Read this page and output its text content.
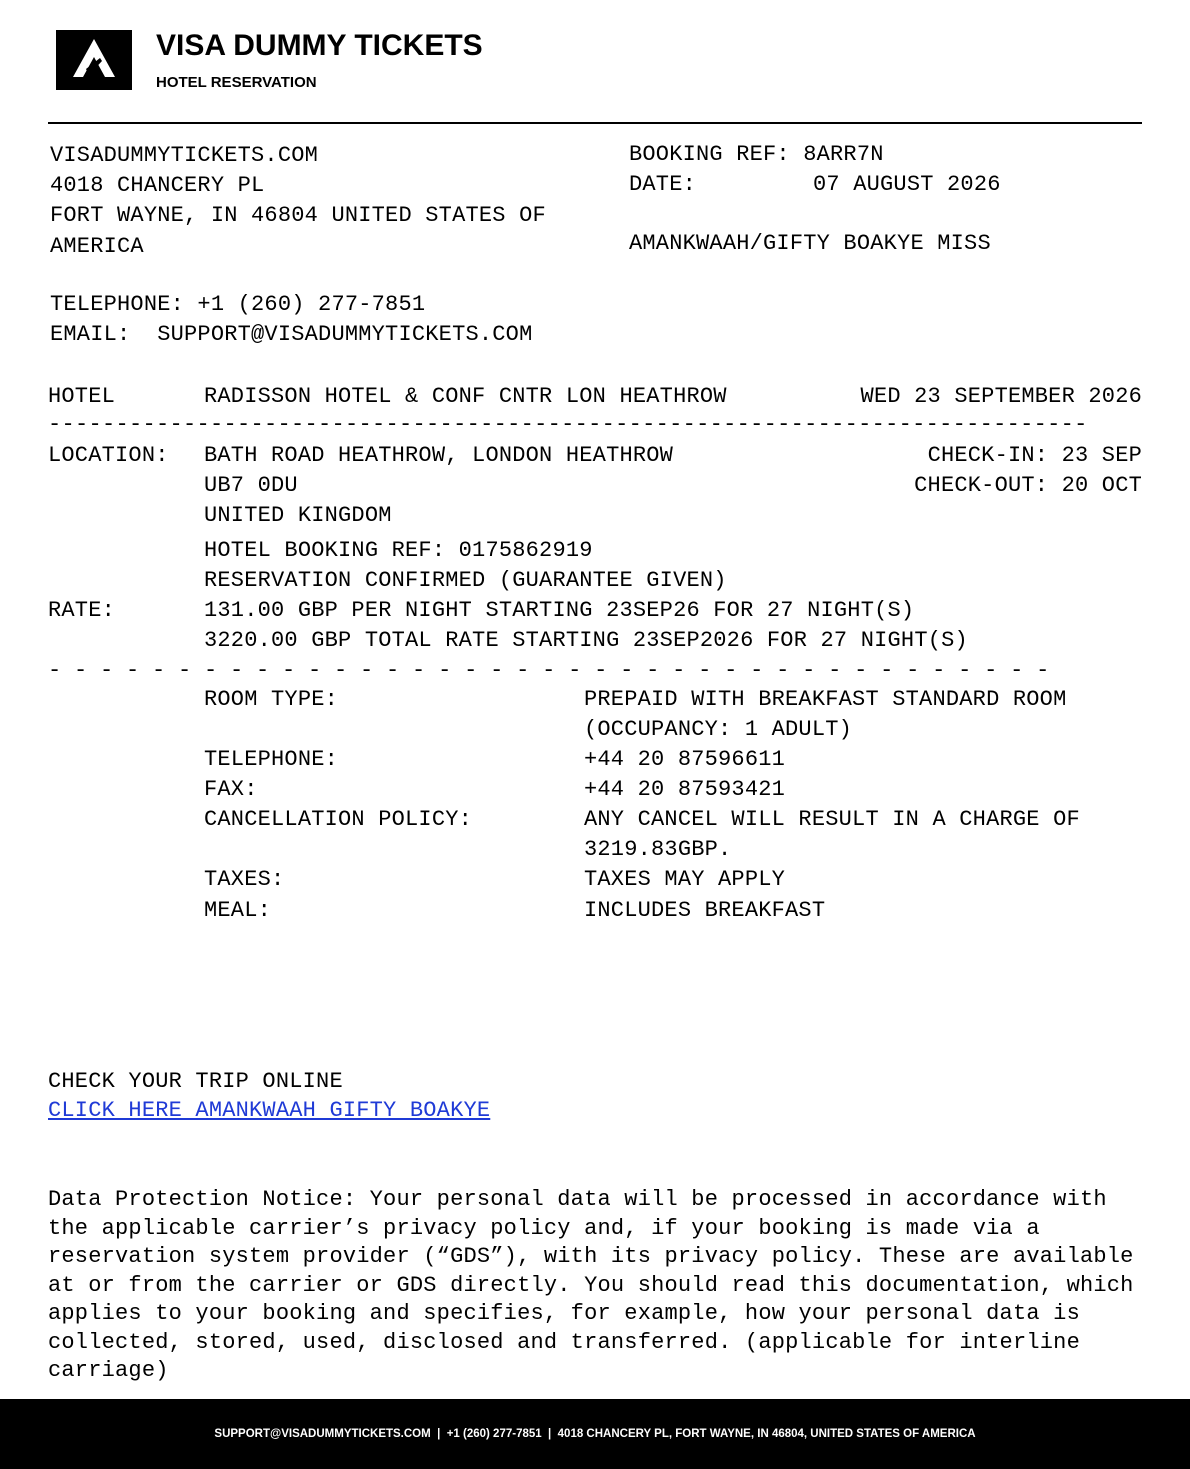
VISA DUMMY TICKETS
HOTEL RESERVATION
VISADUMMYTICKETS.COM
4018 CHANCERY PL
FORT WAYNE, IN 46804 UNITED STATES OF
AMERICA
TELEPHONE: +1 (260) 277-7851
EMAIL:  SUPPORT@VISADUMMYTICKETS.COM
BOOKING REF: 8ARR7N
DATE:	07 AUGUST 2026
AMANKWAAH/GIFTY BOAKYE MISS
HOTEL	RADISSON HOTEL & CONF CNTR LON HEATHROW	WED 23 SEPTEMBER 2026
-----------------------------------------------------------------------------
LOCATION: BATH ROAD HEATHROW, LONDON HEATHROW
UB7 0DU
UNITED KINGDOM
CHECK-IN: 23 SEP
CHECK-OUT: 20 OCT
HOTEL BOOKING REF: 0175862919
RESERVATION CONFIRMED (GUARANTEE GIVEN)
RATE:	131.00 GBP PER NIGHT STARTING 23SEP26 FOR 27 NIGHT(S)
3220.00 GBP TOTAL RATE STARTING 23SEP2026 FOR 27 NIGHT(S)
- - - - - - - - - - - - - - - - - - - - - - - - - - - - - - - - - - - - - - -
ROOM TYPE:	PREPAID WITH BREAKFAST STANDARD ROOM
(OCCUPANCY: 1 ADULT)
TELEPHONE:	+44 20 87596611
FAX:	+44 20 87593421
CANCELLATION POLICY:	ANY CANCEL WILL RESULT IN A CHARGE OF
3219.83GBP.
TAXES:	TAXES MAY APPLY
MEAL:	INCLUDES BREAKFAST
CHECK YOUR TRIP ONLINE
CLICK HERE AMANKWAAH GIFTY BOAKYE
Data Protection Notice: Your personal data will be processed in accordance with the applicable carrier’s privacy policy and, if your booking is made via a reservation system provider (“GDS”), with its privacy policy. These are available at or from the carrier or GDS directly. You should read this documentation, which applies to your booking and specifies, for example, how your personal data is collected, stored, used, disclosed and transferred. (applicable for interline carriage)
SUPPORT@VISADUMMYTICKETS.COM  |  +1 (260) 277-7851  |  4018 CHANCERY PL, FORT WAYNE, IN 46804, UNITED STATES OF AMERICA
